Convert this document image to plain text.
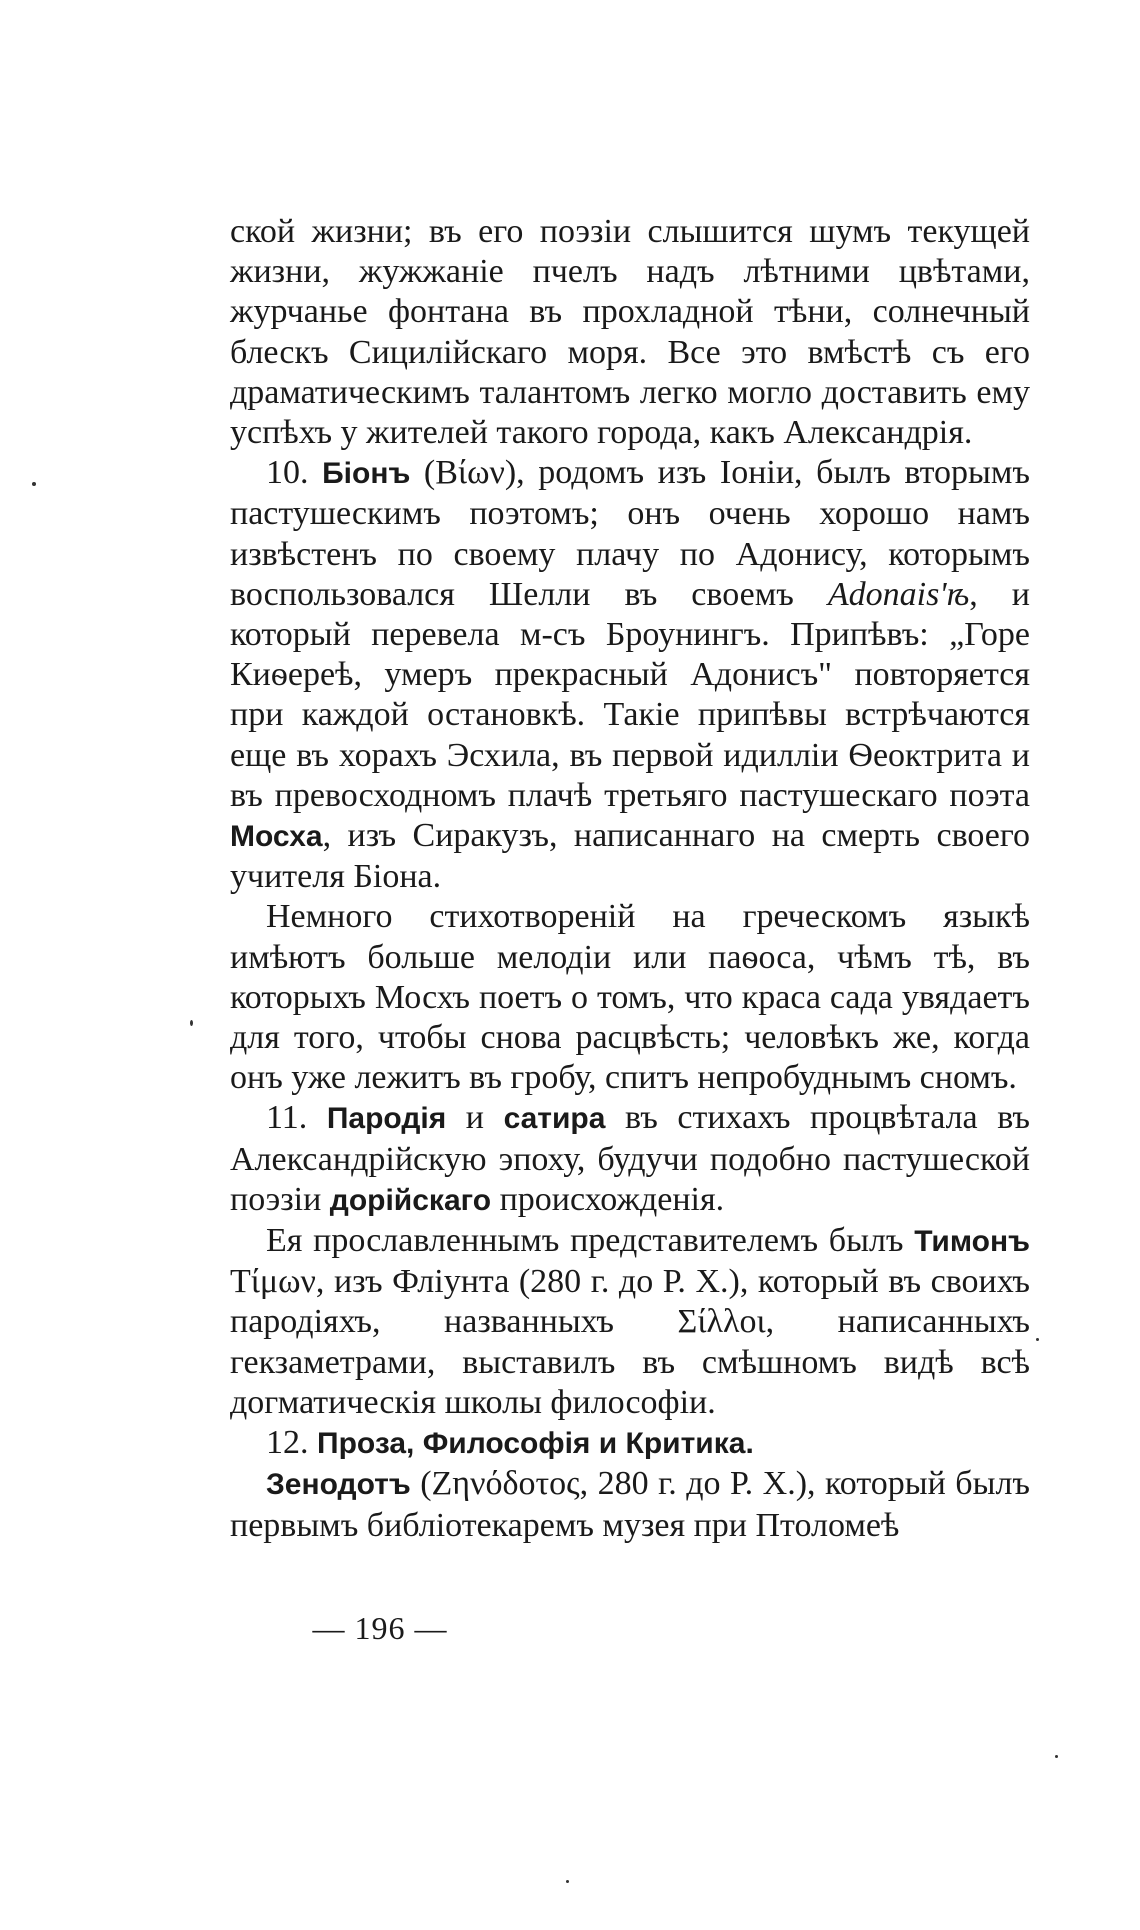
ской жизни; въ его поэзіи слышится шумъ текущей жизни, жужжаніе пчелъ надъ лѣтними цвѣтами, журчанье фонтана въ прохладной тѣни, солнечный блескъ Сицилійскаго моря. Все это вмѣстѣ съ его драматическимъ талантомъ легко могло доставить ему успѣхъ у жителей такого города, какъ Александрія.

10. Біонъ (Βίων), родомъ изъ Іоніи, былъ вторымъ пастушескимъ поэтомъ; онъ очень хорошо намъ извѣстенъ по своему плачу по Адонису, которымъ воспользовался Шелли въ своемъ Adonais'ѣ, и который перевела м-съ Броунингъ. Припѣвъ: „Горе Киѳереѣ, умеръ прекрасный Адонисъ" повторяется при каждой остановкѣ. Такіе припѣвы встрѣчаются еще въ хорахъ Эсхила, въ первой идилліи Ѳеоктрита и въ превосходномъ плачѣ третьяго пастушескаго поэта Мосха, изъ Сиракузъ, написаннаго на смерть своего учителя Біона.

Немного стихотвореній на греческомъ языкѣ имѣютъ больше мелодіи или паѳоса, чѣмъ тѣ, въ которыхъ Мосхъ поетъ о томъ, что краса сада увядаетъ для того, чтобы снова расцвѣсть; человѣкъ же, когда онъ уже лежитъ въ гробу, спитъ непробуднымъ сномъ.

11. Пародія и сатира въ стихахъ процвѣтала въ Александрійскую эпоху, будучи подобно пастушеской поэзіи дорійскаго происхожденія.

Ея прославленнымъ представителемъ былъ Тимонъ Τίμων, изъ Фліунта (280 г. до Р. Х.), который въ своихъ пародіяхъ, названныхъ Σίλλοι, написанныхъ гекзаметрами, выставилъ въ смѣшномъ видѣ всѣ догматическія школы философіи.

12. Проза, Философія и Критика.

Зенодотъ (Ζηνόδοτος, 280 г. до Р. Х.), который былъ первымъ библіотекаремъ музея при Птоломеѣ

— 196 —
